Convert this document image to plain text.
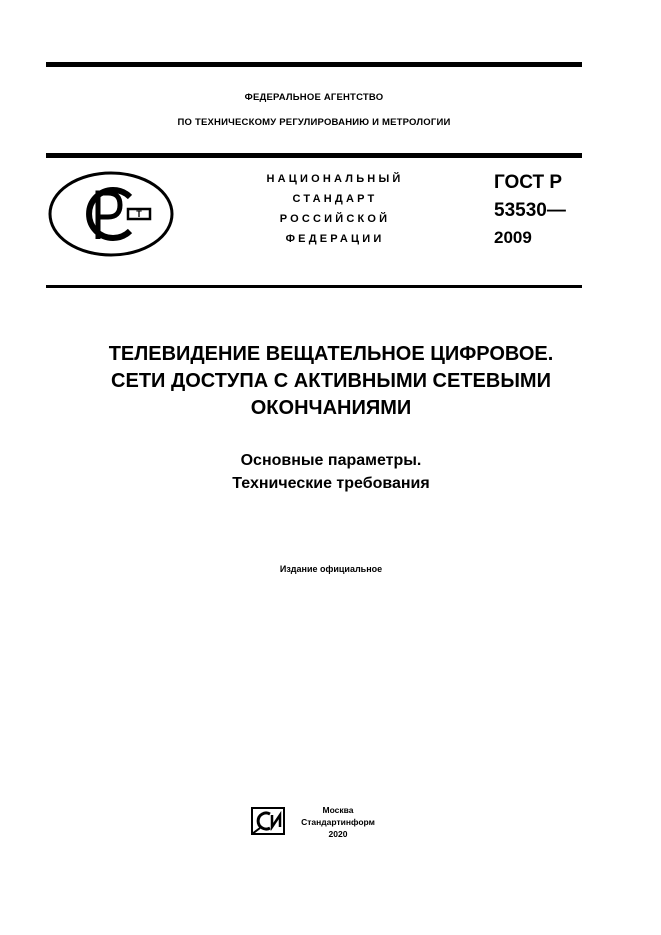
ФЕДЕРАЛЬНОЕ АГЕНТСТВО
ПО ТЕХНИЧЕСКОМУ РЕГУЛИРОВАНИЮ И МЕТРОЛОГИИ
Т
НАЦИОНАЛЬНЫЙ
СТАНДАРТ
РОССИЙСКОЙ
ФЕДЕРАЦИИ
ГОСТ Р
53530—
2009
ТЕЛЕВИДЕНИЕ ВЕЩАТЕЛЬНОЕ ЦИФРОВОЕ.
СЕТИ ДОСТУПА С АКТИВНЫМИ СЕТЕВЫМИ
ОКОНЧАНИЯМИ
Основные параметры.
Технические требования
Издание официальное
Москва
Стандартинформ
2020
